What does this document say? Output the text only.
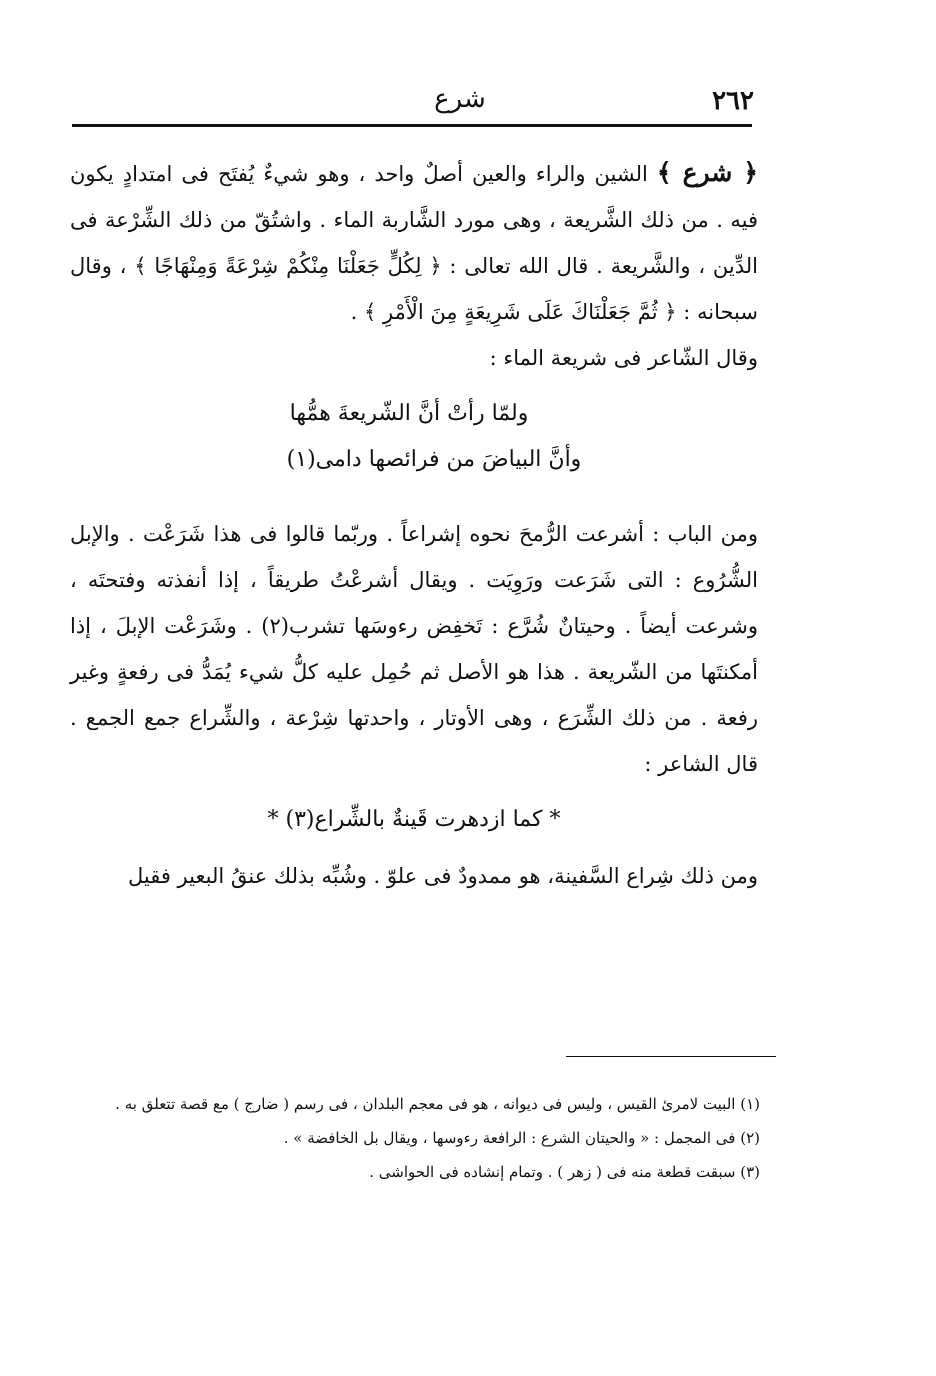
٢٦٢
شرع

﴿ شرع ﴾ الشين والراء والعين أصلٌ واحد ، وهو شيءٌ يُفتَح فى امتدادٍ يكون فيه . من ذلك الشَّريعة ، وهى مورد الشَّاربة الماء . واشتُقّ من ذلك الشِّرْعة فى الدِّين ، والشَّريعة . قال الله تعالى : ﴿ لِكُلٍّ جَعَلْنَا مِنْكُمْ شِرْعَةً وَمِنْهَاجًا ﴾ ، وقال سبحانه : ﴿ ثُمَّ جَعَلْنَاكَ عَلَى شَرِيعَةٍ مِنَ الْأَمْرِ ﴾ .

وقال الشّاعر فى شريعة الماء :

ولمّا رأتْ أنَّ الشّريعةَ همُّها
وأنَّ البياضَ من فرائصها دامى(١)

ومن الباب : أشرعت الرُّمحَ نحوه إشراعاً . وربّما قالوا فى هذا شَرَعْت . والإبل الشُّرُوع : التى شَرَعت ورَوِيَت . ويقال أشرعْتُ طريقاً ، إذا أنفذته وفتحتَه ، وشرعت أيضاً . وحيتانٌ شُرَّع : تَخفِض رءوسَها تشرب(٢) . وشَرَعْت الإبلَ ، إذا أمكنتَها من الشّريعة . هذا هو الأصل ثم حُمِل عليه كلُّ شيء يُمَدُّ فى رفعةٍ وغير رفعة . من ذلك الشِّرَع ، وهى الأوتار ، واحدتها شِرْعة ، والشِّراع جمع الجمع . قال الشاعر :

* كما ازدهرت قَينةٌ بالشِّراع(٣) *

ومن ذلك شِراع السَّفينة، هو ممدودٌ فى علوّ . وشُبِّه بذلك عنقُ البعير فقيل

(١) البيت لامرئ القيس ، وليس فى ديوانه ، هو فى معجم البلدان ، فى رسم ( ضارج ) مع قصة تتعلق به .

(٢) فى المجمل : « والحيتان الشرع : الرافعة رءوسها ، ويقال بل الخافضة » .

(٣) سبقت قطعة منه فى ( زهر ) . وتمام إنشاده فى الحواشى .
